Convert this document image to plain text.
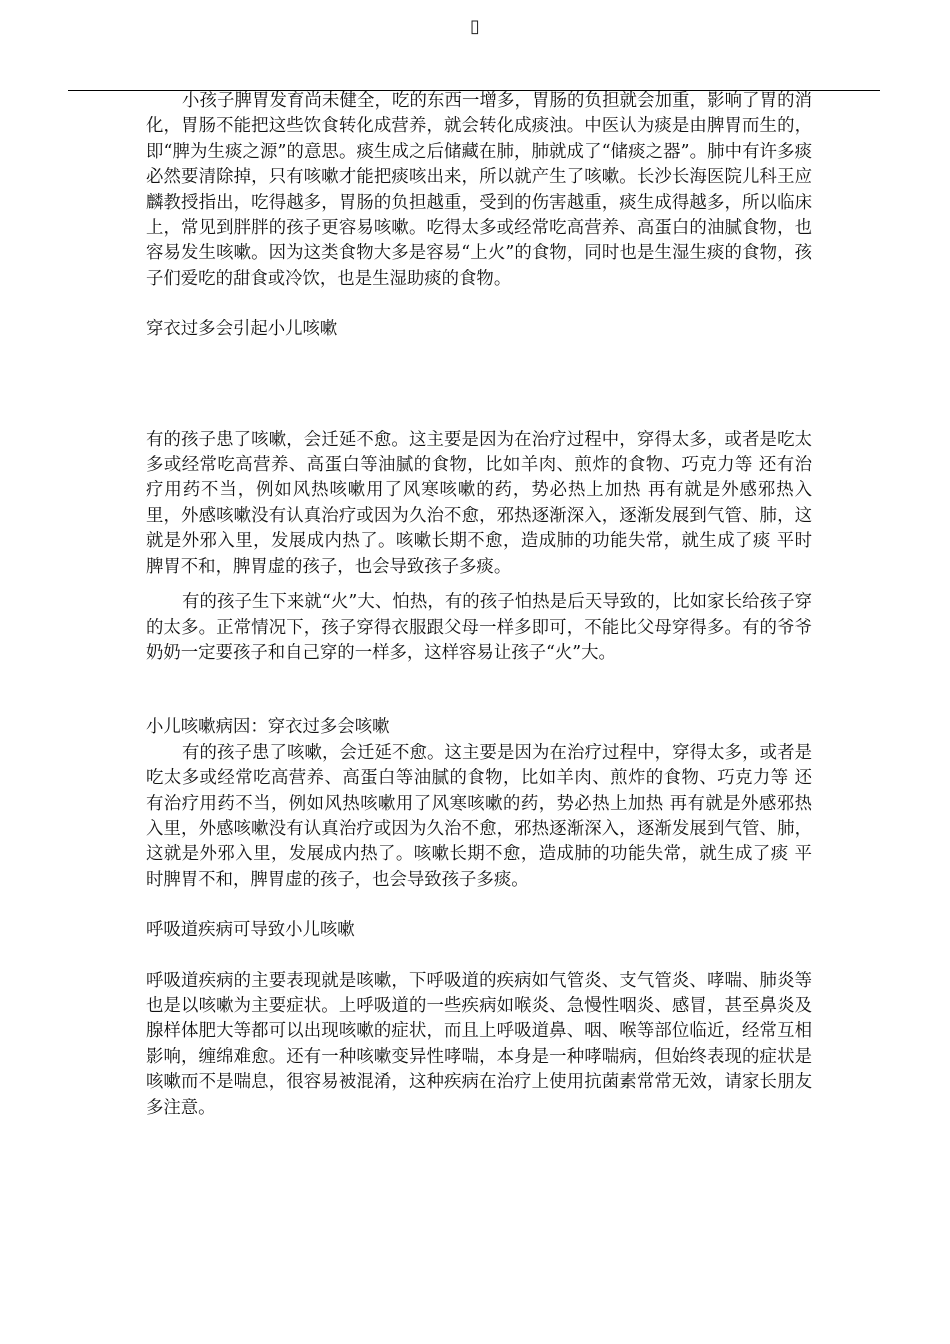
▯

小孩子脾胃发育尚未健全，吃的东西一增多，胃肠的负担就会加重，影响了胃的消化，胃肠不能把这些饮食转化成营养，就会转化成痰浊。中医认为痰是由脾胃而生的，即“脾为生痰之源”的意思。痰生成之后储藏在肺，肺就成了“储痰之器”。肺中有许多痰必然要清除掉，只有咳嗽才能把痰咳出来，所以就产生了咳嗽。长沙长海医院儿科王应麟教授指出，吃得越多，胃肠的负担越重，受到的伤害越重，痰生成得越多，所以临床上，常见到胖胖的孩子更容易咳嗽。吃得太多或经常吃高营养、高蛋白的油腻食物，也容易发生咳嗽。因为这类食物大多是容易“上火”的食物，同时也是生湿生痰的食物，孩子们爱吃的甜食或冷饮，也是生湿助痰的食物。

穿衣过多会引起小儿咳嗽

有的孩子患了咳嗽，会迁延不愈。这主要是因为在治疗过程中，穿得太多，或者是吃太多或经常吃高营养、高蛋白等油腻的食物，比如羊肉、煎炸的食物、巧克力等 还有治疗用药不当，例如风热咳嗽用了风寒咳嗽的药，势必热上加热 再有就是外感邪热入里，外感咳嗽没有认真治疗或因为久治不愈，邪热逐渐深入，逐渐发展到气管、肺，这就是外邪入里，发展成内热了。咳嗽长期不愈，造成肺的功能失常，就生成了痰 平时脾胃不和，脾胃虚的孩子，也会导致孩子多痰。

有的孩子生下来就“火”大、怕热，有的孩子怕热是后天导致的，比如家长给孩子穿的太多。正常情况下，孩子穿得衣服跟父母一样多即可，不能比父母穿得多。有的爷爷奶奶一定要孩子和自己穿的一样多，这样容易让孩子“火”大。

小儿咳嗽病因：穿衣过多会咳嗽

有的孩子患了咳嗽，会迁延不愈。这主要是因为在治疗过程中，穿得太多，或者是吃太多或经常吃高营养、高蛋白等油腻的食物，比如羊肉、煎炸的食物、巧克力等 还有治疗用药不当，例如风热咳嗽用了风寒咳嗽的药，势必热上加热 再有就是外感邪热入里，外感咳嗽没有认真治疗或因为久治不愈，邪热逐渐深入，逐渐发展到气管、肺，这就是外邪入里，发展成内热了。咳嗽长期不愈，造成肺的功能失常，就生成了痰 平时脾胃不和，脾胃虚的孩子，也会导致孩子多痰。

呼吸道疾病可导致小儿咳嗽

呼吸道疾病的主要表现就是咳嗽，下呼吸道的疾病如气管炎、支气管炎、哮喘、肺炎等也是以咳嗽为主要症状。上呼吸道的一些疾病如喉炎、急慢性咽炎、感冒，甚至鼻炎及腺样体肥大等都可以出现咳嗽的症状，而且上呼吸道鼻、咽、喉等部位临近，经常互相影响，缠绵难愈。还有一种咳嗽变异性哮喘，本身是一种哮喘病，但始终表现的症状是咳嗽而不是喘息，很容易被混淆，这种疾病在治疗上使用抗菌素常常无效，请家长朋友多注意。
